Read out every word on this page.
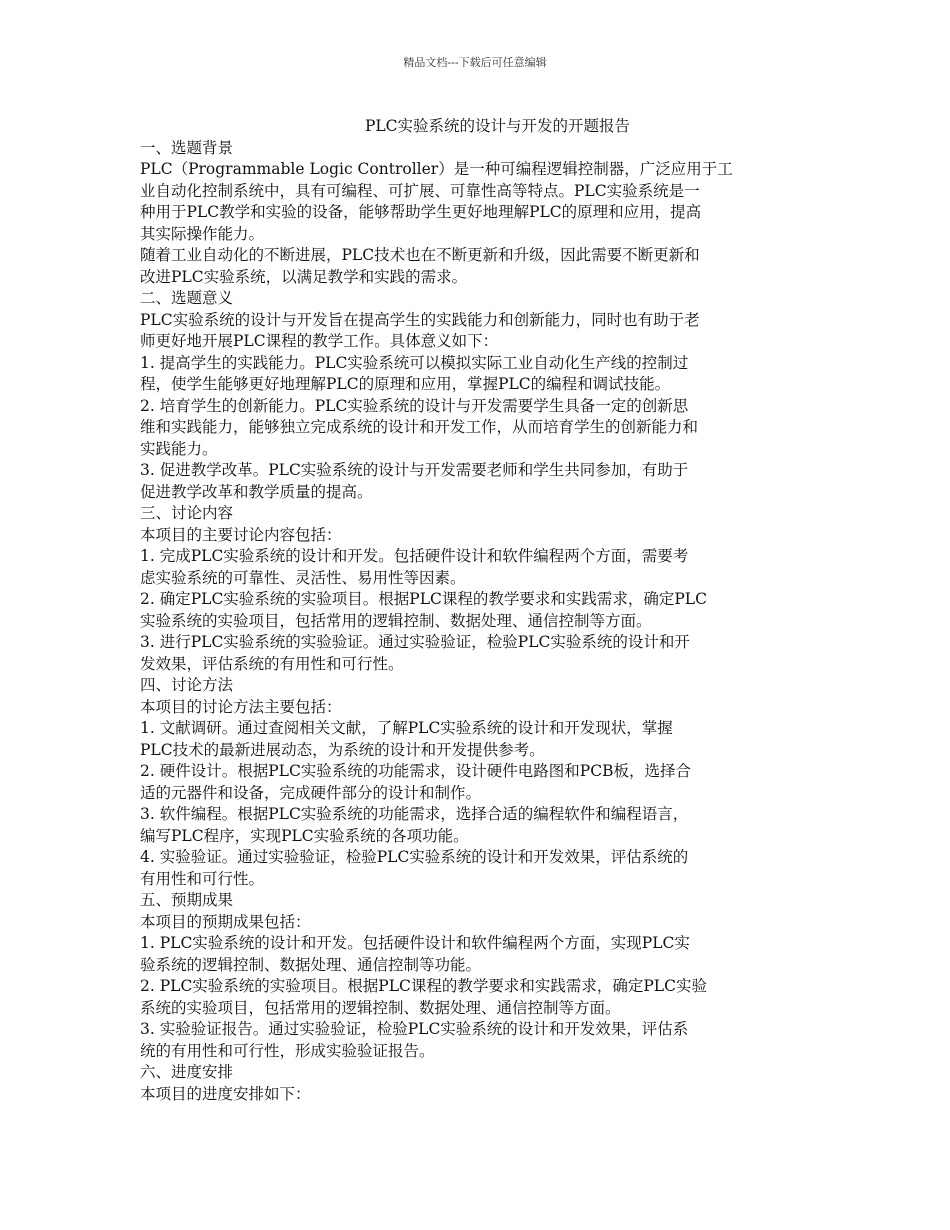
精品文档---下载后可任意编辑
PLC实验系统的设计与开发的开题报告

一、选题背景

PLC（Programmable Logic Controller）是一种可编程逻辑控制器，广泛应用于工

业自动化控制系统中，具有可编程、可扩展、可靠性高等特点。PLC实验系统是一

种用于PLC教学和实验的设备，能够帮助学生更好地理解PLC的原理和应用，提高

其实际操作能力。

随着工业自动化的不断进展，PLC技术也在不断更新和升级，因此需要不断更新和

改进PLC实验系统，以满足教学和实践的需求。

二、选题意义

PLC实验系统的设计与开发旨在提高学生的实践能力和创新能力，同时也有助于老

师更好地开展PLC课程的教学工作。具体意义如下：

1. 提高学生的实践能力。PLC实验系统可以模拟实际工业自动化生产线的控制过

程，使学生能够更好地理解PLC的原理和应用，掌握PLC的编程和调试技能。

2. 培育学生的创新能力。PLC实验系统的设计与开发需要学生具备一定的创新思

维和实践能力，能够独立完成系统的设计和开发工作，从而培育学生的创新能力和

实践能力。

3. 促进教学改革。PLC实验系统的设计与开发需要老师和学生共同参加，有助于

促进教学改革和教学质量的提高。

三、讨论内容

本项目的主要讨论内容包括：

1. 完成PLC实验系统的设计和开发。包括硬件设计和软件编程两个方面，需要考

虑实验系统的可靠性、灵活性、易用性等因素。

2. 确定PLC实验系统的实验项目。根据PLC课程的教学要求和实践需求，确定PLC

实验系统的实验项目，包括常用的逻辑控制、数据处理、通信控制等方面。

3. 进行PLC实验系统的实验验证。通过实验验证，检验PLC实验系统的设计和开

发效果，评估系统的有用性和可行性。

四、讨论方法

本项目的讨论方法主要包括：

1. 文献调研。通过查阅相关文献，了解PLC实验系统的设计和开发现状，掌握

PLC技术的最新进展动态，为系统的设计和开发提供参考。

2. 硬件设计。根据PLC实验系统的功能需求，设计硬件电路图和PCB板，选择合

适的元器件和设备，完成硬件部分的设计和制作。

3. 软件编程。根据PLC实验系统的功能需求，选择合适的编程软件和编程语言，

编写PLC程序，实现PLC实验系统的各项功能。

4. 实验验证。通过实验验证，检验PLC实验系统的设计和开发效果，评估系统的

有用性和可行性。

五、预期成果

本项目的预期成果包括：

1. PLC实验系统的设计和开发。包括硬件设计和软件编程两个方面，实现PLC实

验系统的逻辑控制、数据处理、通信控制等功能。

2. PLC实验系统的实验项目。根据PLC课程的教学要求和实践需求，确定PLC实验

系统的实验项目，包括常用的逻辑控制、数据处理、通信控制等方面。

3. 实验验证报告。通过实验验证，检验PLC实验系统的设计和开发效果，评估系

统的有用性和可行性，形成实验验证报告。

六、进度安排

本项目的进度安排如下：
